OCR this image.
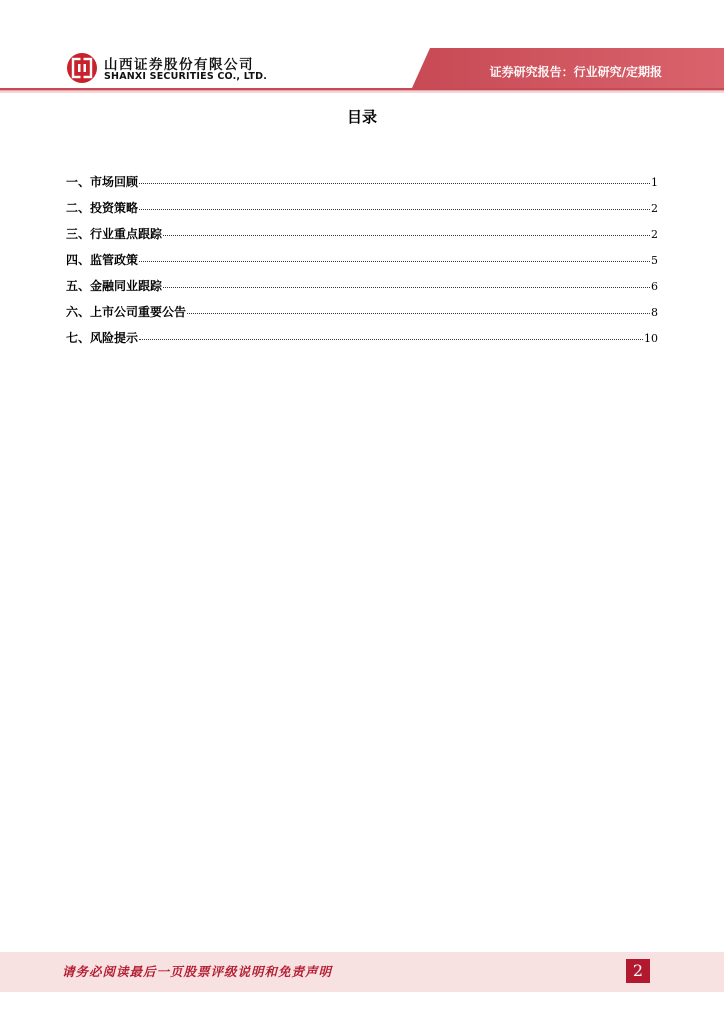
山西证券股份有限公司
SHANXI SECURITIES CO., LTD.	证券研究报告：行业研究/定期报
目录
一、市场回顾	1
二、投资策略	2
三、行业重点跟踪	2
四、监管政策	5
五、金融同业跟踪	6
六、上市公司重要公告	8
七、风险提示	10
请务必阅读最后一页股票评级说明和免责声明	2
